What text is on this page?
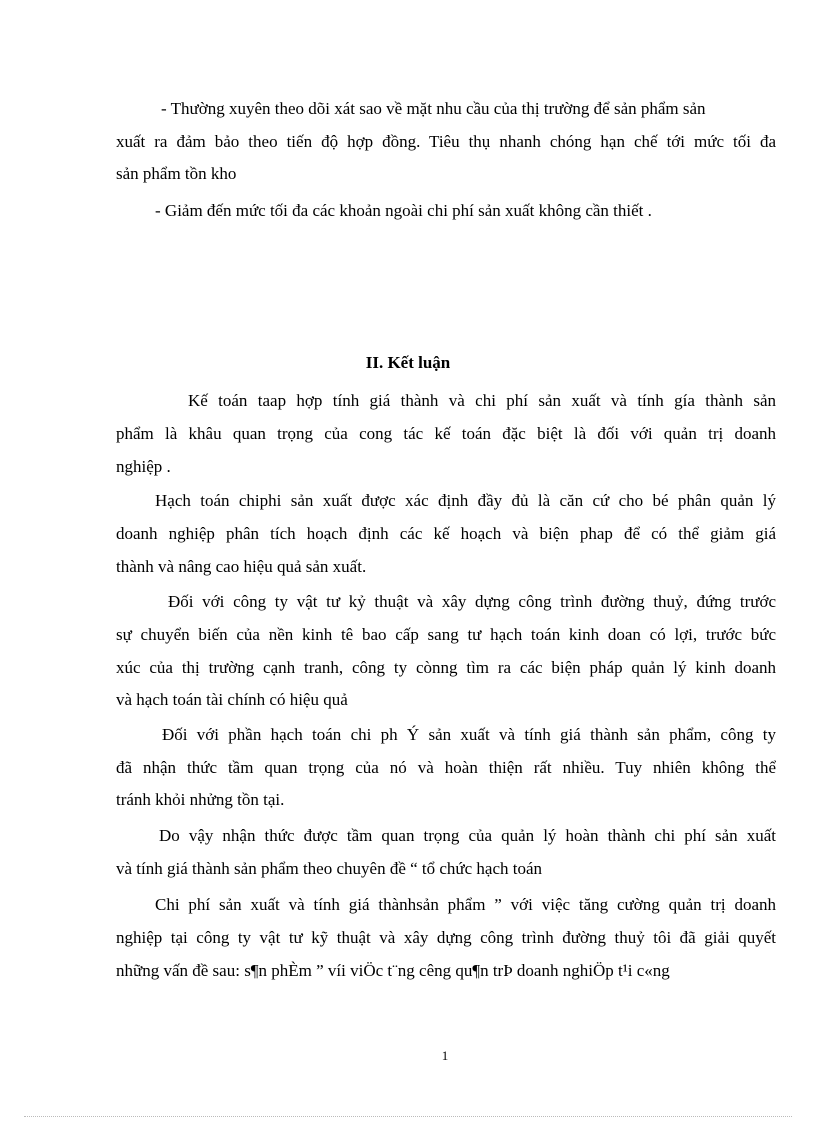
- Thường xuyên theo dõi xát sao về mặt nhu cầu của thị trường để sản phẩm sản
xuất ra đảm bảo theo tiến độ hợp đồng. Tiêu thụ nhanh chóng hạn chế tới mức tối đa
sản phẩm tồn kho
- Giảm đến mức tối đa các khoản ngoài chi phí sản xuất không cần thiết .
II. Kết luận
Kế toán taap hợp tính giá thành và chi phí sản xuất và tính gía thành sản
phẩm là khâu quan trọng của cong tác kế toán đặc biệt là đối với quản trị doanh
nghiệp .
Hạch toán chiphi sản xuất được xác định đầy đủ là căn cứ cho bé phân quản lý
doanh nghiệp phân tích hoạch định các kế hoạch và biện phap để có thể giảm giá
thành và nâng cao hiệu quả sản xuất.
Đối với công ty vật tư kỷ thuật và xây dựng công trình đường thuỷ, đứng trước
sự chuyển biến của nền kinh tê bao cấp sang tư hạch toán kinh doan có lợi, trước bức
xúc của thị trường cạnh tranh, công ty cònng tìm ra các biện pháp quản lý kinh doanh
và hạch toán tài chính có hiệu quả
Đối với phần hạch toán chi ph Ý sản xuất và tính giá thành sản phẩm, công ty
đã nhận thức tầm quan trọng của nó và hoàn thiện rất nhiều. Tuy nhiên không thể
tránh khỏi nhửng tồn tại.
Do vậy nhận thức được tầm quan trọng của quản lý hoàn thành chi phí sản xuất
và tính giá thành sản phẩm theo chuyên đề “ tổ chức hạch toán
Chi phí sản xuất và tính giá thànhsản phẩm ” với việc tăng cường quản trị doanh
nghiệp tại công ty vật tư kỹ thuật và xây dựng công trình đường thuỷ tôi đã giải quyết
những vấn đề sau: s¶n phÈm ” víi viÖc t¨ng cêng qu¶n trÞ doanh nghiÖp t¹i c«ng
1
